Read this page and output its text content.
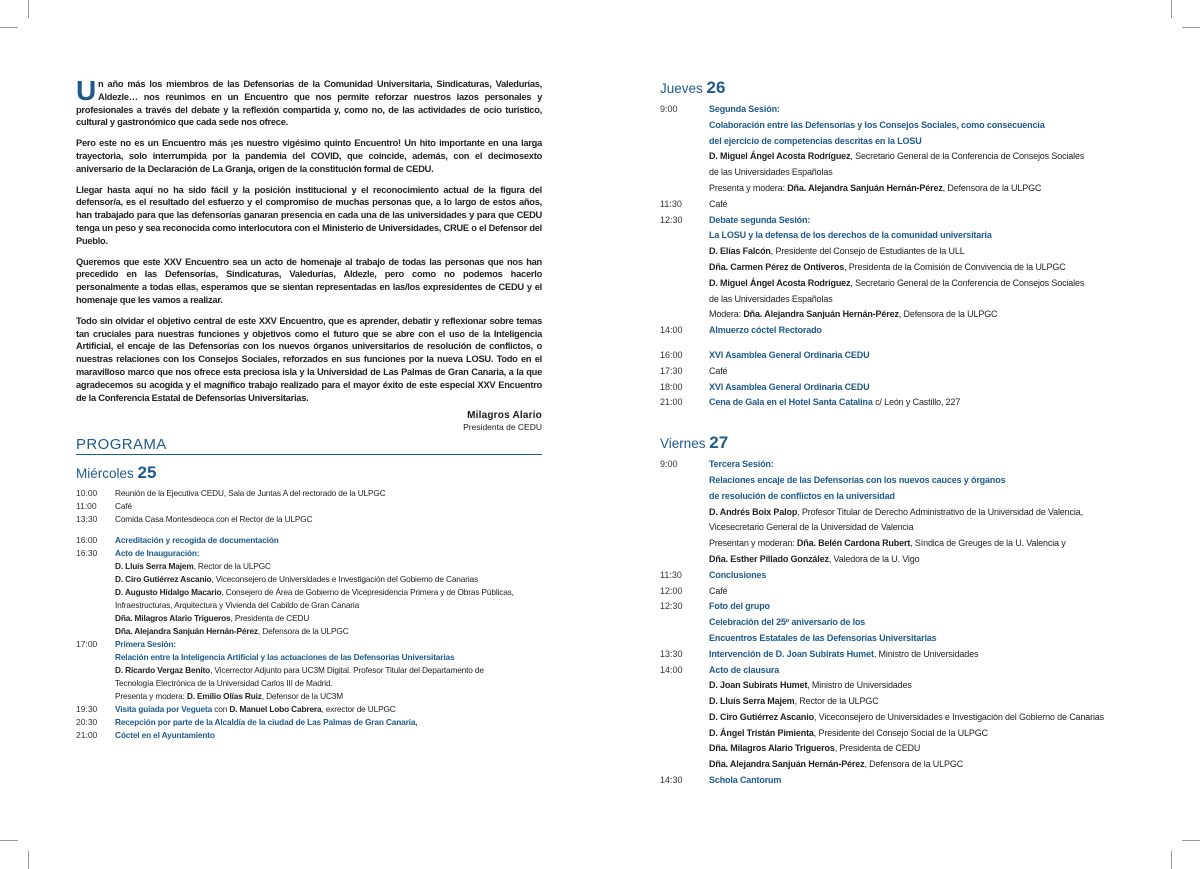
Un año más los miembros de las Defensorías de la Comunidad Universitaria, Sindicaturas, Valedurías, Aldezle… nos reunimos en un Encuentro que nos permite reforzar nuestros lazos personales y profesionales a través del debate y la reflexión compartida y, como no, de las actividades de ocio turístico, cultural y gastronómico que cada sede nos ofrece.

Pero este no es un Encuentro más ¡es nuestro vigésimo quinto Encuentro! Un hito importante en una larga trayectoria, solo interrumpida por la pandemia del COVID, que coincide, además, con el decimosexto aniversario de la Declaración de La Granja, origen de la constitución formal de CEDU.

Llegar hasta aquí no ha sido fácil y la posición institucional y el reconocimiento actual de la figura del defensor/a, es el resultado del esfuerzo y el compromiso de muchas personas que, a lo largo de estos años, han trabajado para que las defensorías ganaran presencia en cada una de las universidades y para que CEDU tenga un peso y sea reconocida como interlocutora con el Ministerio de Universidades, CRUE o el Defensor del Pueblo.

Queremos que este XXV Encuentro sea un acto de homenaje al trabajo de todas las personas que nos han precedido en las Defensorías, Sindicaturas, Valedurías, Aldezle, pero como no podemos hacerlo personalmente a todas ellas, esperamos que se sientan representadas en las/los expresidentes de CEDU y el homenaje que les vamos a realizar.

Todo sin olvidar el objetivo central de este XXV Encuentro, que es aprender, debatir y reflexionar sobre temas tan cruciales para nuestras funciones y objetivos como el futuro que se abre con el uso de la Inteligencia Artificial, el encaje de las Defensorías con los nuevos órganos universitarios de resolución de conflictos, o nuestras relaciones con los Consejos Sociales, reforzados en sus funciones por la nueva LOSU. Todo en el maravilloso marco que nos ofrece esta preciosa isla y la Universidad de Las Palmas de Gran Canaria, a la que agradecemos su acogida y el magnífico trabajo realizado para el mayor éxito de este especial XXV Encuentro de la Conferencia Estatal de Defensorías Universitarias.

Milagros Alario
Presidenta de CEDU
PROGRAMA
Miércoles 25
10:00	Reunión de la Ejecutiva CEDU, Sala de Juntas A del rectorado de la ULPGC
11:00	Café
13:30	Comida Casa Montesdeoca con el Rector de la ULPGC
16:00	Acreditación y recogida de documentación
16:30	Acto de Inauguración:
D. Lluís Serra Majem, Rector de la ULPGC
D. Ciro Gutiérrez Ascanio, Viceconsejero de Universidades e Investigación del Gobierno de Canarias
D. Augusto Hidalgo Macario, Consejero de Área de Gobierno de Vicepresidencia Primera y de Obras Públicas,
Infraestructuras, Arquitectura y Vivienda del Cabildo de Gran Canaria
Dña. Milagros Alario Trigueros, Presidenta de CEDU
Dña. Alejandra Sanjuán Hernán-Pérez, Defensora de la ULPGC
17:00	Primera Sesión:
Relación entre la Inteligencia Artificial y las actuaciones de las Defensorías Universitarias
D. Ricardo Vergaz Benito, Vicerrector Adjunto para UC3M Digital. Profesor Titular del Departamento de
Tecnología Electrónica de la Universidad Carlos III de Madrid.
Presenta y modera: D. Emilio Olías Ruiz, Defensor de la UC3M
19:30	Visita guiada por Vegueta con D. Manuel Lobo Cabrera, exrector de ULPGC
20:30	Recepción por parte de la Alcaldía de la ciudad de Las Palmas de Gran Canaria,
21:00	Cóctel en el Ayuntamiento
Jueves 26
9:00	Segunda Sesión:
Colaboración entre las Defensorías y los Consejos Sociales, como consecuencia
del ejercicio de competencias descritas en la LOSU
D. Miguel Ángel Acosta Rodríguez, Secretario General de la Conferencia de Consejos Sociales
de las Universidades Españolas
Presenta y modera: Dña. Alejandra Sanjuán Hernán-Pérez, Defensora de la ULPGC
11:30	Café
12:30	Debate segunda Sesión:
La LOSU y la defensa de los derechos de la comunidad universitaria
D. Elías Falcón, Presidente del Consejo de Estudiantes de la ULL
Dña. Carmen Pérez de Ontiveros, Presidenta de la Comisión de Convivencia de la ULPGC
D. Miguel Ángel Acosta Rodríguez, Secretario General de la Conferencia de Consejos Sociales
de las Universidades Españolas
Modera: Dña. Alejandra Sanjuán Hernán-Pérez, Defensora de la ULPGC
14:00	Almuerzo cóctel Rectorado
16:00	XVI Asamblea General Ordinaria CEDU
17:30	Café
18:00	XVI Asamblea General Ordinaria CEDU
21:00	Cena de Gala en el Hotel Santa Catalina c/ León y Castillo, 227
Viernes 27
9:00	Tercera Sesión:
Relaciones encaje de las Defensorías con los nuevos cauces y órganos
de resolución de conflictos en la universidad
D. Andrés Boix Palop, Profesor Titular de Derecho Administrativo de la Universidad de Valencia,
Vicesecretario General de la Universidad de Valencia
Presentan y moderan: Dña. Belén Cardona Rubert, Síndica de Greuges de la U. Valencia y
Dña. Esther Pillado González, Valedora de la U. Vigo
11:30	Conclusiones
12:00	Café
12:30	Foto del grupo
Celebración del 25º aniversario de los
Encuentros Estatales de las Defensorías Universitarias
13:30	Intervención de D. Joan Subirats Humet, Ministro de Universidades
14:00	Acto de clausura
D. Joan Subirats Humet, Ministro de Universidades
D. Lluís Serra Majem, Rector de la ULPGC
D. Ciro Gutiérrez Ascanio, Viceconsejero de Universidades e Investigación del Gobierno de Canarias
D. Ángel Tristán Pimienta, Presidente del Consejo Social de la ULPGC
Dña. Milagros Alario Trigueros, Presidenta de CEDU
Dña. Alejandra Sanjuán Hernán-Pérez, Defensora de la ULPGC
14:30	Schola Cantorum
